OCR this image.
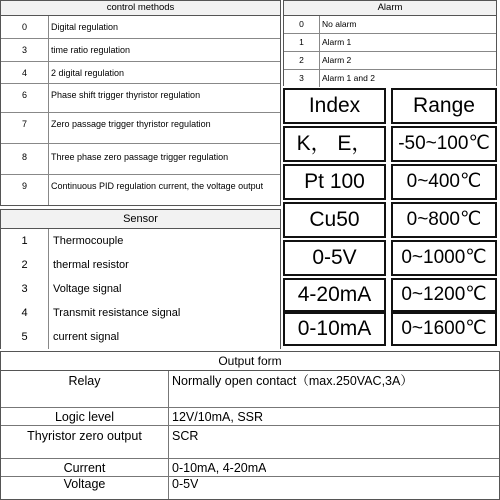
control methods
0	Digital regulation
3	time ratio regulation
4	2 digital regulation
6	Phase shift trigger thyristor regulation
7	Zero passage trigger thyristor regulation
8	Three phase zero passage trigger regulation
9	Continuous PID regulation current, the voltage output
Alarm
0	No alarm
1	Alarm 1
2	Alarm 2
3	Alarm 1 and 2
Sensor
1	Thermocouple
2	thermal resistor
3	Voltage signal
4	Transmit resistance signal
5	current signal
Index	Range
K， E，	-50~100℃
Pt 100	0~400℃
Cu50	0~800℃
0-5V	0~1000℃
4-20mA	0~1200℃
0-10mA	0~1600℃
Output form
Relay	Normally open contact（max.250VAC,3A）
Logic level	12V/10mA, SSR
Thyristor zero output	SCR
Current	0-10mA, 4-20mA
Voltage	0-5V
